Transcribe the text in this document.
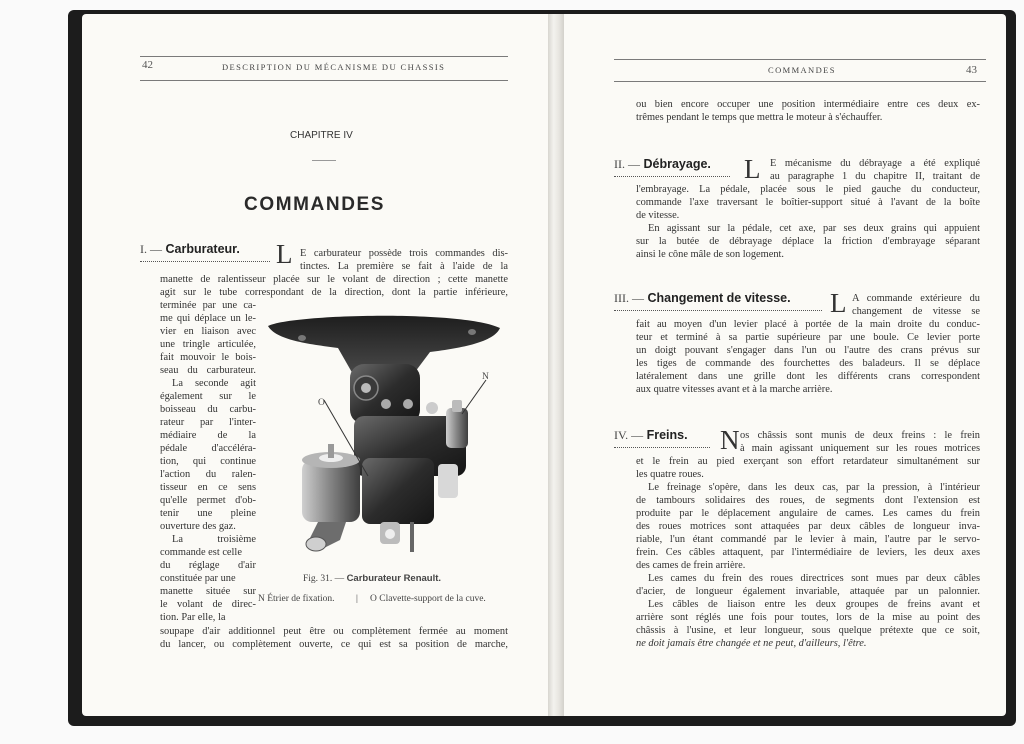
42	DESCRIPTION DU MÉCANISME DU CHASSIS
CHAPITRE IV
COMMANDES
I. — Carburateur. L E carburateur possède trois commandes dis-
tinctes. La première se fait à l'aide de la
manette de ralentisseur placée sur le volant de direction ; cette manette
agit sur le tube correspondant de la direction, dont la partie inférieure,
terminée par une ca-
me qui déplace un le-
vier en liaison avec
une tringle articulée,
fait mouvoir le bois-
seau du carburateur.
La seconde agit
également sur le
boisseau du carbu-
rateur par l'inter-
médiaire de la
pédale d'accéléra-
tion, qui continue
l'action du ralen-
tisseur en ce sens
qu'elle permet d'ob-
tenir une pleine
ouverture des gaz.
La troisième
commande est celle
du réglage d'air
constituée par une
manette située sur
le volant de direc-
tion. Par elle, la
soupape d'air additionnel peut être ou complètement fermée au moment
du lancer, ou complètement ouverte, ce qui est sa position de marche,
O
N
Fig. 31. — Carburateur Renault.
N Étrier de fixation. | O Clavette-support de la cuve.
COMMANDES	43
ou bien encore occuper une position intermédiaire entre ces deux ex-
trêmes pendant le temps que mettra le moteur à s'échauffer.
II. — Débrayage. L E mécanisme du débrayage a été expliqué
au paragraphe 1 du chapitre II, traitant de
l'embrayage. La pédale, placée sous le pied gauche du conducteur,
commande l'axe traversant le boîtier-support situé à l'avant de la boîte
de vitesse.
En agissant sur la pédale, cet axe, par ses deux grains qui appuient
sur la butée de débrayage déplace la friction d'embrayage séparant
ainsi le cône mâle de son logement.
III. — Changement de vitesse. L A commande extérieure du
changement de vitesse se
fait au moyen d'un levier placé à portée de la main droite du conduc-
teur et terminé à sa partie supérieure par une boule. Ce levier porte
un doigt pouvant s'engager dans l'un ou l'autre des crans prévus sur
les tiges de commande des fourchettes des baladeurs. Il se déplace
latéralement dans une grille dont les différents crans correspondent
aux quatre vitesses avant et à la marche arrière.
IV. — Freins. N os châssis sont munis de deux freins : le frein
à main agissant uniquement sur les roues motrices
et le frein au pied exerçant son effort retardateur simultanément sur
les quatre roues.
Le freinage s'opère, dans les deux cas, par la pression, à l'intérieur
de tambours solidaires des roues, de segments dont l'extension est
produite par le déplacement angulaire de cames. Les cames du frein
des roues motrices sont attaquées par deux câbles de longueur inva-
riable, l'un étant commandé par le levier à main, l'autre par le servo-
frein. Ces câbles attaquent, par l'intermédiaire de leviers, les deux axes
des cames de frein arrière.
Les cames du frein des roues directrices sont mues par deux câbles
d'acier, de longueur également invariable, attaquée par un palonnier.
Les câbles de liaison entre les deux groupes de freins avant et
arrière sont réglés une fois pour toutes, lors de la mise au point des
châssis à l'usine, et leur longueur, sous quelque prétexte que ce soit,
ne doit jamais être changée et ne peut, d'ailleurs, l'être.
